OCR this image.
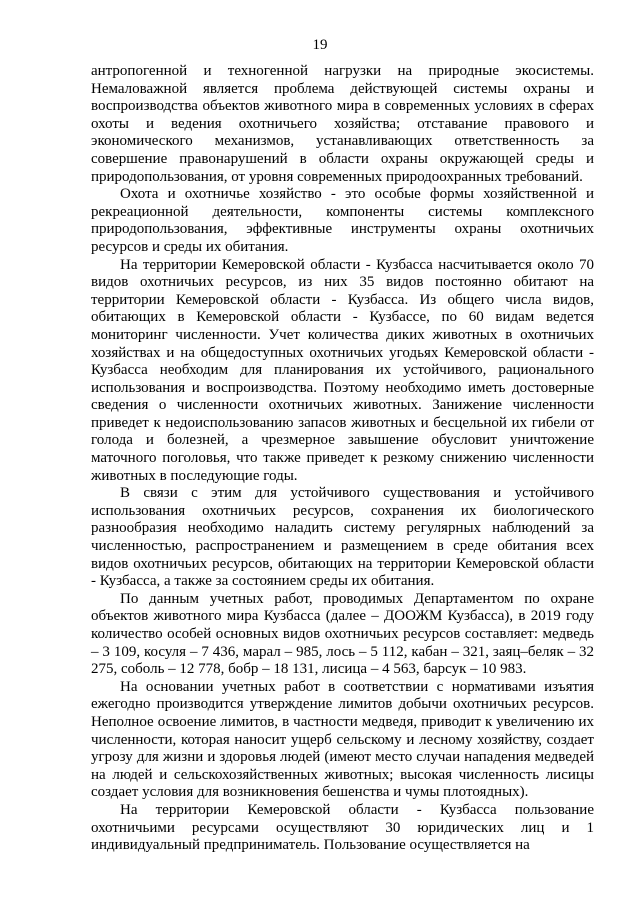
19

антропогенной и техногенной нагрузки на природные экосистемы. Немаловажной является проблема действующей системы охраны и воспроизводства объектов животного мира в современных условиях в сферах охоты и ведения охотничьего хозяйства; отставание правового и экономического механизмов, устанавливающих ответственность за совершение правонарушений в области охраны окружающей среды и природопользования, от уровня современных природоохранных требований.

Охота и охотничье хозяйство - это особые формы хозяйственной и рекреационной деятельности, компоненты системы комплексного природопользования, эффективные инструменты охраны охотничьих ресурсов и среды их обитания.

На территории Кемеровской области - Кузбасса насчитывается около 70 видов охотничьих ресурсов, из них 35 видов постоянно обитают на территории Кемеровской области - Кузбасса. Из общего числа видов, обитающих в Кемеровской области - Кузбассе, по 60 видам ведется мониторинг численности. Учет количества диких животных в охотничьих хозяйствах и на общедоступных охотничьих угодьях Кемеровской области - Кузбасса необходим для планирования их устойчивого, рационального использования и воспроизводства. Поэтому необходимо иметь достоверные сведения о численности охотничьих животных. Занижение численности приведет к недоиспользованию запасов животных и бесцельной их гибели от голода и болезней, а чрезмерное завышение обусловит уничтожение маточного поголовья, что также приведет к резкому снижению численности животных в последующие годы.

В связи с этим для устойчивого существования и устойчивого использования охотничьих ресурсов, сохранения их биологического разнообразия необходимо наладить систему регулярных наблюдений за численностью, распространением и размещением в среде обитания всех видов охотничьих ресурсов, обитающих на территории Кемеровской области - Кузбасса, а также за состоянием среды их обитания.

По данным учетных работ, проводимых Департаментом по охране объектов животного мира Кузбасса (далее – ДООЖМ Кузбасса), в 2019 году количество особей основных видов охотничьих ресурсов составляет: медведь – 3 109, косуля – 7 436, марал – 985, лось – 5 112, кабан – 321, заяц–беляк – 32 275, соболь – 12 778, бобр – 18 131, лисица – 4 563, барсук – 10 983.

На основании учетных работ в соответствии с нормативами изъятия ежегодно производится утверждение лимитов добычи охотничьих ресурсов. Неполное освоение лимитов, в частности медведя, приводит к увеличению их численности, которая наносит ущерб сельскому и лесному хозяйству, создает угрозу для жизни и здоровья людей (имеют место случаи нападения медведей на людей и сельскохозяйственных животных; высокая численность лисицы создает условия для возникновения бешенства и чумы плотоядных).

На территории Кемеровской области - Кузбасса пользование охотничьими ресурсами осуществляют 30 юридических лиц и 1 индивидуальный предприниматель. Пользование осуществляется на
